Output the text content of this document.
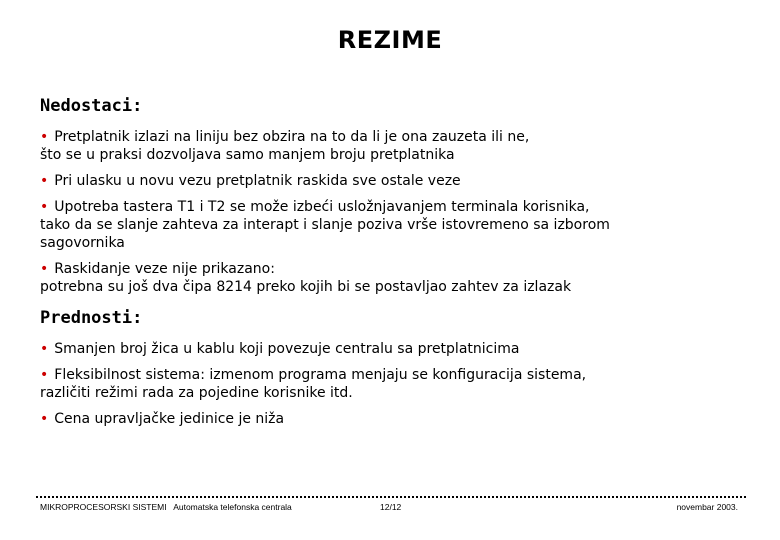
REZIME
Nedostaci:
• Pretplatnik izlazi na liniju bez obzira na to da li je ona zauzeta ili ne,
što se u praksi dozvoljava samo manjem broju pretplatnika
• Pri ulasku u novu vezu pretplatnik raskida sve ostale veze
• Upotreba tastera T1 i T2 se može izbeći usložnjavanjem terminala korisnika,
tako da se slanje zahteva za interapt i slanje poziva vrše istovremeno sa izborom
sagovornika
• Raskidanje veze nije prikazano:
potrebna su još dva čipa 8214 preko kojih bi se postavljao zahtev za izlazak
Prednosti:
• Smanjen broj žica u kablu koji povezuje centralu sa pretplatnicima
• Fleksibilnost sistema: izmenom programa menjaju se konfiguracija sistema,
različiti režimi rada za pojedine korisnike itd.
• Cena upravljačke jedinice je niža
MIKROPROCESORSKI SISTEMI   Automatska telefonska centrala	12/12	novembar 2003.
